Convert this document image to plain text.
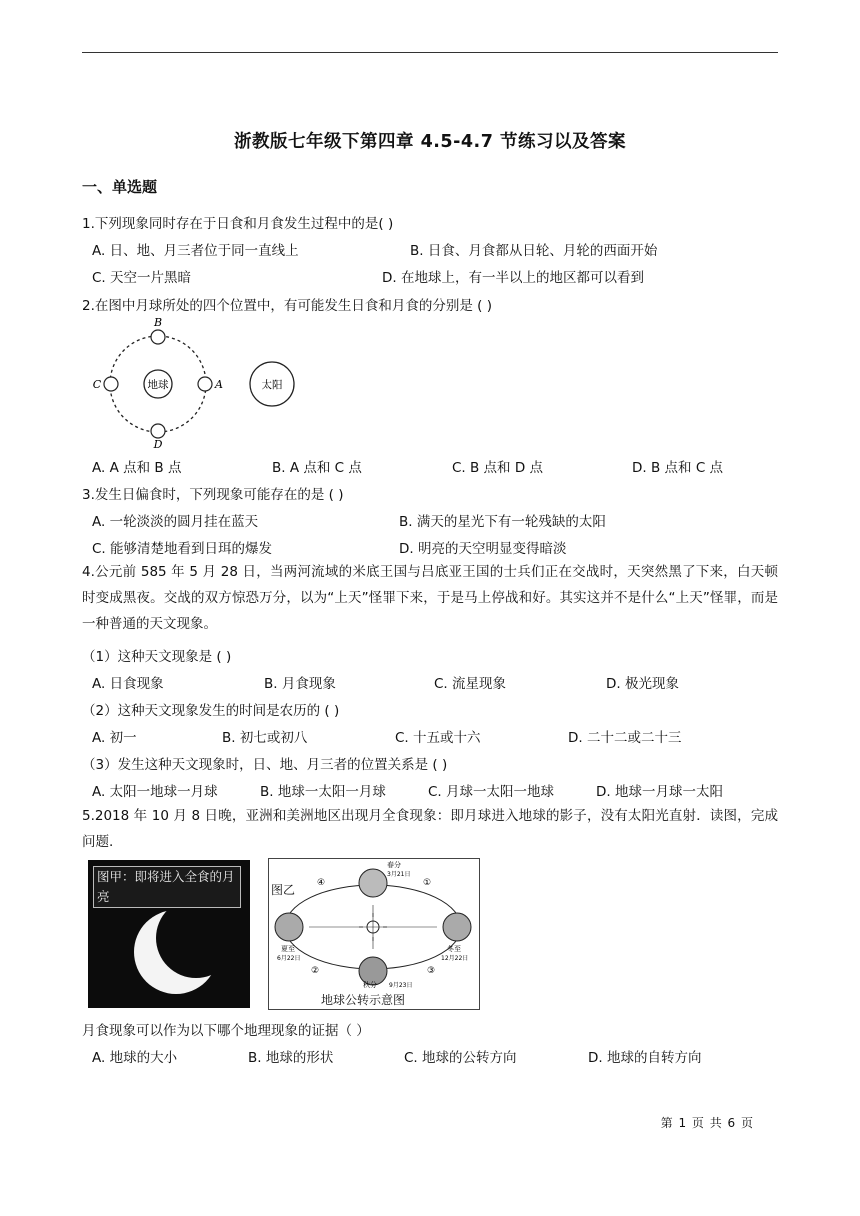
浙教版七年级下第四章 4.5-4.7 节练习以及答案
一、单选题
1.下列现象同时存在于日食和月食发生过程中的是( )
A. 日、地、月三者位于同一直线上	B. 日食、月食都从日轮、月轮的西面开始
C. 天空一片黑暗	D. 在地球上，有一半以上的地区都可以看到
2.在图中月球所处的四个位置中，有可能发生日食和月食的分别是 ( )
地球
B
D
C	A	太阳
A. A 点和 B 点	B. A 点和 C 点	C. B 点和 D 点	D. B 点和 C 点
3.发生日偏食时，下列现象可能存在的是 ( )
A. 一轮淡淡的圆月挂在蓝天	B. 满天的星光下有一轮残缺的太阳
C. 能够清楚地看到日珥的爆发	D. 明亮的天空明显变得暗淡
4.公元前 585 年 5 月 28 日，当两河流域的米底王国与吕底亚王国的士兵们正在交战时，天突然黑了下来，白天顿时变成黑夜。交战的双方惊恐万分，以为“上天”怪罪下来，于是马上停战和好。其实这并不是什么“上天”怪罪，而是一种普通的天文现象。
（1）这种天文现象是 ( )
A. 日食现象	B. 月食现象	C. 流星现象	D. 极光现象
（2）这种天文现象发生的时间是农历的 ( )
A. 初一	B. 初七或初八	C. 十五或十六	D. 二十二或二十三
（3）发生这种天文现象时，日、地、月三者的位置关系是 ( )
A. 太阳一地球一月球	B. 地球一太阳一月球	C. 月球一太阳一地球	D. 地球一月球一太阳
5.2018 年 10 月 8 日晚，亚洲和美洲地区出现月全食现象：即月球进入地球的影子，没有太阳光直射．读图，完成问题.
图甲：即将进入全食的月亮	图乙
春分
3月21日
夏至
6月22日
冬至
12月22日
秋分 9月23日
④	①
②	③
地球公转示意图
月食现象可以作为以下哪个地理现象的证据（ ）
A. 地球的大小	B. 地球的形状	C. 地球的公转方向	D. 地球的自转方向
第 1 页 共 6 页
